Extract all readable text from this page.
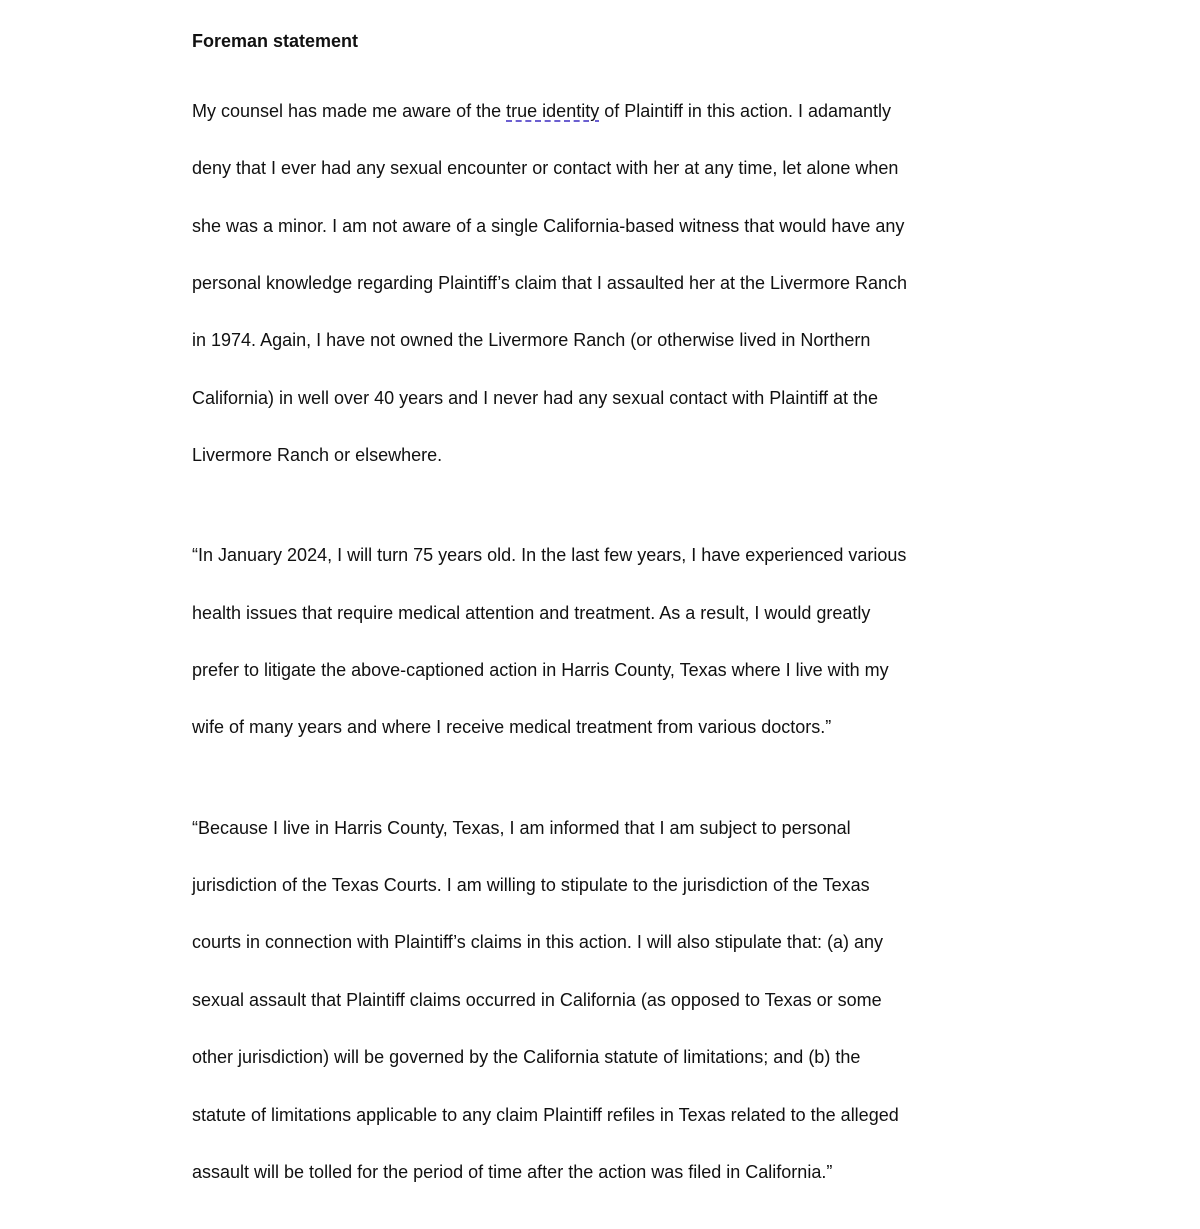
Foreman statement

My counsel has made me aware of the true identity of Plaintiff in this action. I adamantly

deny that I ever had any sexual encounter or contact with her at any time, let alone when

she was a minor. I am not aware of a single California-based witness that would have any

personal knowledge regarding Plaintiff’s claim that I assaulted her at the Livermore Ranch

in 1974. Again, I have not owned the Livermore Ranch (or otherwise lived in Northern

California) in well over 40 years and I never had any sexual contact with Plaintiff at the

Livermore Ranch or elsewhere.

“In January 2024, I will turn 75 years old. In the last few years, I have experienced various

health issues that require medical attention and treatment. As a result, I would greatly

prefer to litigate the above-captioned action in Harris County, Texas where I live with my

wife of many years and where I receive medical treatment from various doctors.”

“Because I live in Harris County, Texas, I am informed that I am subject to personal

jurisdiction of the Texas Courts. I am willing to stipulate to the jurisdiction of the Texas

courts in connection with Plaintiff’s claims in this action. I will also stipulate that: (a) any

sexual assault that Plaintiff claims occurred in California (as opposed to Texas or some

other jurisdiction) will be governed by the California statute of limitations; and (b) the

statute of limitations applicable to any claim Plaintiff refiles in Texas related to the alleged

assault will be tolled for the period of time after the action was filed in California.”
